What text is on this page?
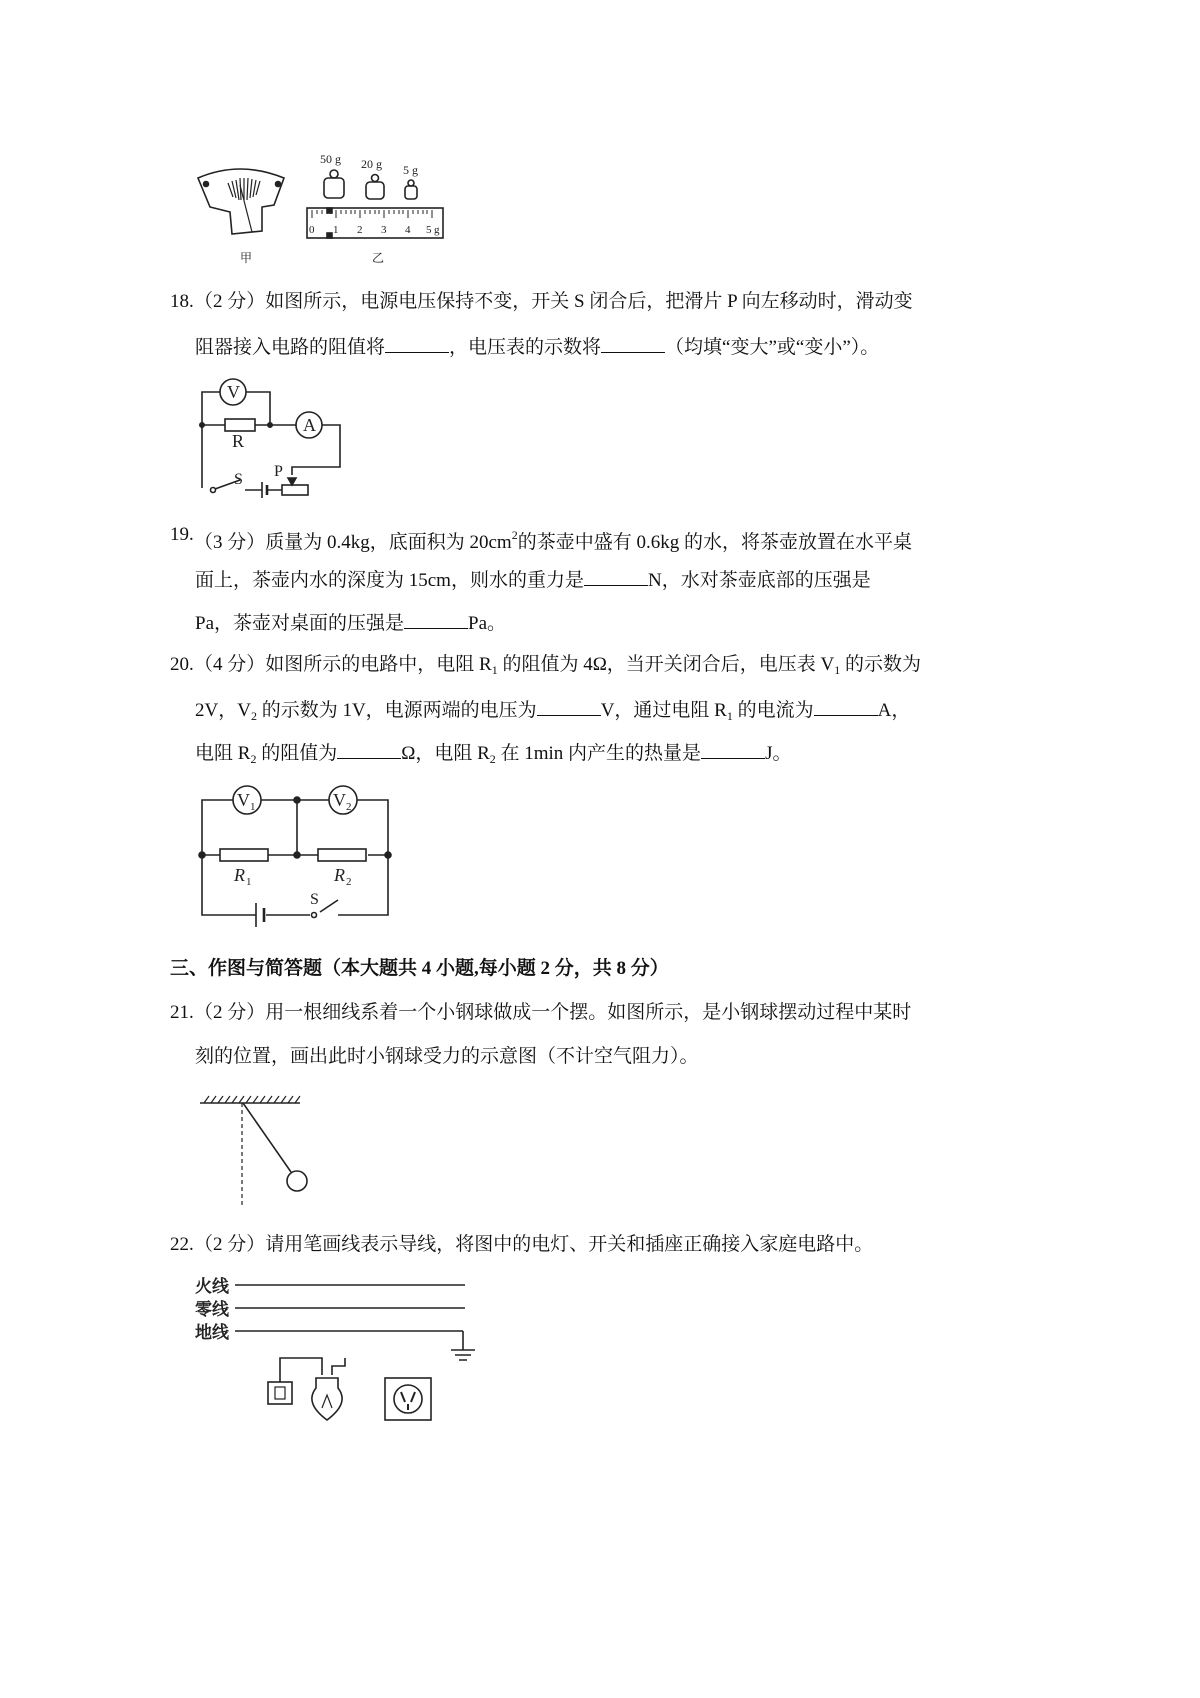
18. （2 分）如图所示，电源电压保持不变，开关 S 闭合后，把滑片 P 向左移动时，滑动变
阻器接入电路的阻值将	，电压表的示数将	（均填“变大”或“变小”）。
19. （3 分）质量为 0.4kg，底面积为 $20cm^2$的茶壶中盛有 0.6kg 的水，将茶壶放置在水平桌
面上，茶壶内水的深度为 15cm，则水的重力是	N，水对茶壶底部的压强是
Pa，茶壶对桌面的压强是	Pa。
20. （4 分）如图所示的电路中，电阻 $R_1$ 的阻值为 4Ω，当开关闭合后，电压表 $V_1$ 的示数为
2V，$V_2$ 的示数为 1V，电源两端的电压为	V，通过电阻 $R_1$ 的电流为	A，
电阻 $R_2$ 的阻值为	Ω，电阻 $R_2$ 在 1min 内产生的热量是	J。
三、作图与简答题（本大题共 4 小题,每小题 2 分，共 8 分）
21. （2 分）用一根细线系着一个小钢球做成一个摆。如图所示，是小钢球摆动过程中某时
刻的位置，画出此时小钢球受力的示意图（不计空气阻力）。
22. （2 分）请用笔画线表示导线，将图中的电灯、开关和插座正确接入家庭电路中。
甲
50 g 20 g 5 g
0 1 2 3 4 5 g
乙
V
A
R
S P
V 1	V 2
R 1	R 2
S
火线
零线
地线
